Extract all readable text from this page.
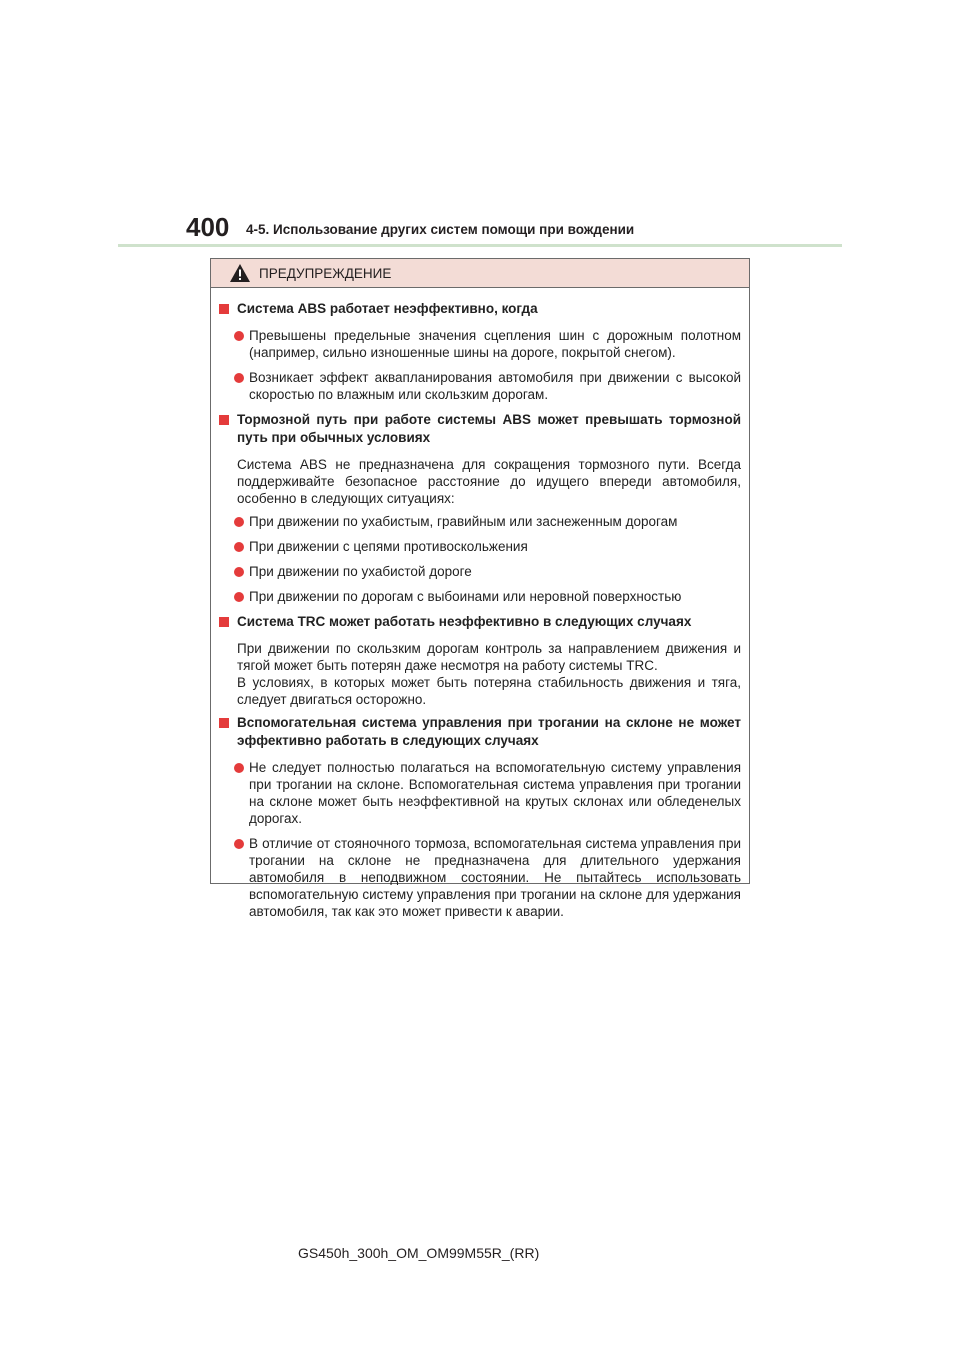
400 4-5. Использование других систем помощи при вождении
ПРЕДУПРЕЖДЕНИЕ
Система ABS работает неэффективно, когда
Превышены предельные значения сцепления шин с дорожным полотном (например, сильно изношенные шины на дороге, покрытой снегом).
Возникает эффект аквапланирования автомобиля при движении с высокой скоростью по влажным или скользким дорогам.
Тормозной путь при работе системы ABS может превышать тормозной путь при обычных условиях
Система ABS не предназначена для сокращения тормозного пути. Всегда поддерживайте безопасное расстояние до идущего впереди автомобиля, особенно в следующих ситуациях:
При движении по ухабистым, гравийным или заснеженным дорогам
При движении с цепями противоскольжения
При движении по ухабистой дороге
При движении по дорогам с выбоинами или неровной поверхностью
Система TRC может работать неэффективно в следующих случаях
При движении по скользким дорогам контроль за направлением движения и тягой может быть потерян даже несмотря на работу системы TRC.
В условиях, в которых может быть потеряна стабильность движения и тяга, следует двигаться осторожно.
Вспомогательная система управления при трогании на склоне не может эффективно работать в следующих случаях
Не следует полностью полагаться на вспомогательную систему управления при трогании на склоне. Вспомогательная система управления при трогании на склоне может быть неэффективной на крутых склонах или обледенелых дорогах.
В отличие от стояночного тормоза, вспомогательная система управления при трогании на склоне не предназначена для длительного удержания автомобиля в неподвижном состоянии. Не пытайтесь использовать вспомогательную систему управления при трогании на склоне для удержания автомобиля, так как это может привести к аварии.
GS450h_300h_OM_OM99M55R_(RR)
